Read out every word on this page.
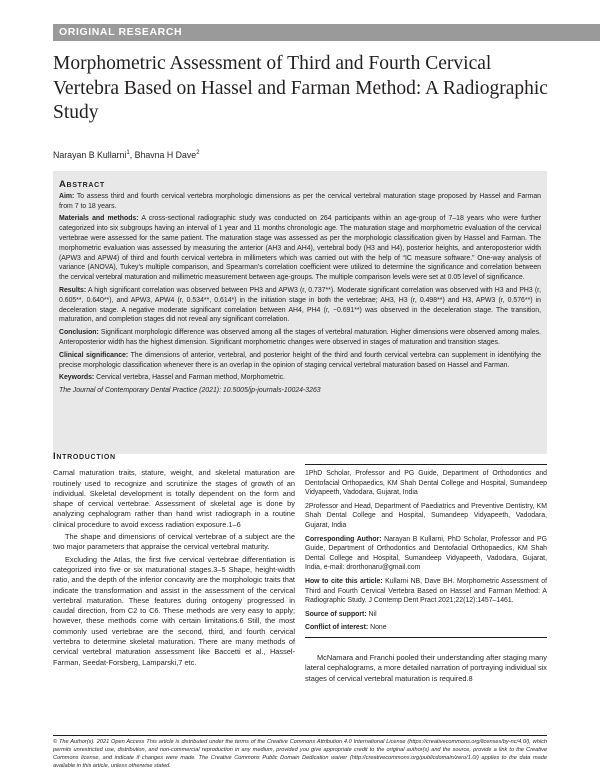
ORIGINAL RESEARCH
Morphometric Assessment of Third and Fourth Cervical Vertebra Based on Hassel and Farman Method: A Radiographic Study
Narayan B Kullarni$^1$, Bhavna H Dave$^2$
Abstract

Aim: To assess third and fourth cervical vertebra morphologic dimensions as per the cervical vertebral maturation stage proposed by Hassel and Farman from 7 to 18 years.

Materials and methods: A cross-sectional radiographic study was conducted on 264 participants within an age-group of 7–18 years who were further categorized into six subgroups having an interval of 1 year and 11 months chronologic age. The maturation stage and morphometric evaluation of the cervical vertebrae were assessed for the same patient. The maturation stage was assessed as per the morphologic classification given by Hassel and Farman. The morphometric evaluation was assessed by measuring the anterior (AH3 and AH4), vertebral body (H3 and H4), posterior heights, and anteroposterior width (APW3 and APW4) of third and fourth cervical vertebra in millimeters which was carried out with the help of “IC measure software.” One-way analysis of variance (ANOVA), Tukey’s multiple comparison, and Spearman’s correlation coefficient were utilized to determine the significance and correlation between the cervical vertebral maturation and millimetric measurement between age-groups. The multiple comparison levels were set at 0.05 level of significance.

Results: A high significant correlation was observed between PH3 and APW3 (r, 0.737**). Moderate significant correlation was observed with H3 and PH3 (r, 0.605**, 0.640**), and APW3, APW4 (r, 0.534**, 0.614*) in the initiation stage in both the vertebrae; AH3, H3 (r, 0.498**) and H3, APW3 (r, 0.576**) in deceleration stage. A negative moderate significant correlation between AH4, PH4 (r, −0.691**) was observed in the deceleration stage. The transition, maturation, and completion stages did not reveal any significant correlation.

Conclusion: Significant morphologic difference was observed among all the stages of vertebral maturation. Higher dimensions were observed among males. Anteroposterior width has the highest dimension. Significant morphometric changes were observed in stages of maturation and transition stages.

Clinical significance: The dimensions of anterior, vertebral, and posterior height of the third and fourth cervical vertebra can supplement in identifying the precise morphologic classification whenever there is an overlap in the opinion of staging cervical vertebral maturation based on Hassel and Farman.

Keywords: Cervical vertebra, Hassel and Farman method, Morphometric.

The Journal of Contemporary Dental Practice (2021): 10.5005/jp-journals-10024-3263

Introduction

Carnal maturation traits, stature, weight, and skeletal maturation are routinely used to recognize and scrutinize the stages of growth of an individual. Skeletal development is totally dependent on the form and shape of cervical vertebrae. Assessment of skeletal age is done by analyzing cephalogram rather than hand wrist radiograph in a routine clinical procedure to avoid excess radiation exposure.1–6

The shape and dimensions of cervical vertebrae of a subject are the two major parameters that appraise the cervical vertebral maturity.

Excluding the Atlas, the first five cervical vertebrae differentiation is categorized into five or six maturational stages.3–5 Shape, height-width ratio, and the depth of the inferior concavity are the morphologic traits that indicate the transformation and assist in the assessment of the cervical vertebral maturation. These features during ontogeny progressed in caudal direction, from C2 to C6. These methods are very easy to apply; however, these methods come with certain limitations.6 Still, the most commonly used vertebrae are the second, third, and fourth cervical vertebra to determine skeletal maturation. There are many methods of cervical vertebral maturation assessment like Baccetti et al., Hassel-Farman, Seedat-Forsberg, Lamparski,7 etc.

1PhD Scholar, Professor and PG Guide, Department of Orthodontics and Dentofacial Orthopaedics, KM Shah Dental College and Hospital, Sumandeep Vidyapeeth, Vadodara, Gujarat, India

2Professor and Head, Department of Paediatrics and Preventive Dentistry, KM Shah Dental College and Hospital, Sumandeep Vidyapeeth, Vadodara, Gujarat, India

Corresponding Author: Narayan B Kullarni, PhD Scholar, Professor and PG Guide, Department of Orthodontics and Dentofacial Orthopaedics, KM Shah Dental College and Hospital, Sumandeep Vidyapeeth, Vadodara, Gujarat, India, e-mail: drorthonaru@gmail.com

How to cite this article: Kullarni NB, Dave BH. Morphometric Assessment of Third and Fourth Cervical Vertebra Based on Hassel and Farman Method: A Radiographic Study. J Contemp Dent Pract 2021;22(12):1457–1461.

Source of support: Nil

Conflict of interest: None

McNamara and Franchi pooled their understanding after staging many lateral cephalograms, a more detailed narration of portraying individual six stages of cervical vertebral maturation is required.8

© The Author(s). 2021 Open Access This article is distributed under the terms of the Creative Commons Attribution 4.0 International License (https://creativecommons.org/licenses/by-nc/4.0/), which permits unrestricted use, distribution, and non-commercial reproduction in any medium, provided you give appropriate credit to the original author(s) and the source, provide a link to the Creative Commons license, and indicate if changes were made. The Creative Commons Public Domain Dedication waiver (http://creativecommons.org/publicdomain/zero/1.0/) applies to the data made available in this article, unless otherwise stated.
